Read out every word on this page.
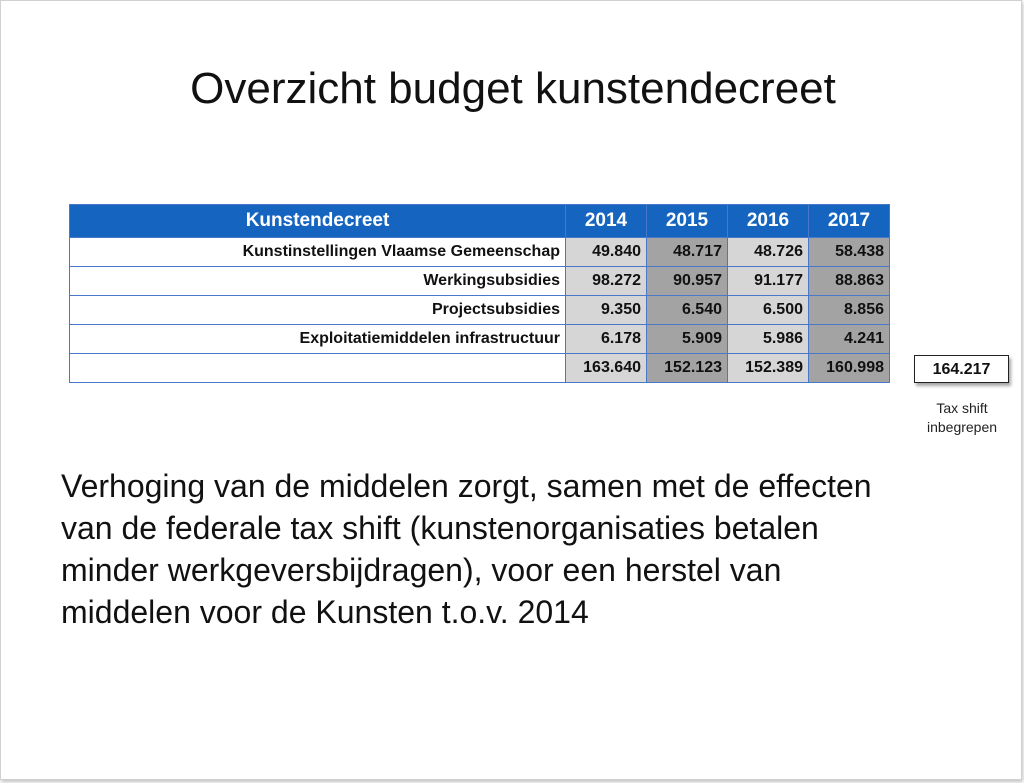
Overzicht budget kunstendecreet
Kunstendecreet	2014	2015	2016	2017
Kunstinstellingen Vlaamse Gemeenschap	49.840	48.717	48.726	58.438
Werkingsubsidies	98.272	90.957	91.177	88.863
Projectsubsidies	9.350	6.540	6.500	8.856
Exploitatiemiddelen infrastructuur	6.178	5.909	5.986	4.241
	163.640	152.123	152.389	160.998	164.217
Tax shift
inbegrepen
Verhoging van de middelen zorgt, samen met de effecten
van de federale tax shift (kunstenorganisaties betalen
minder werkgeversbijdragen), voor een herstel van
middelen voor de Kunsten t.o.v. 2014
